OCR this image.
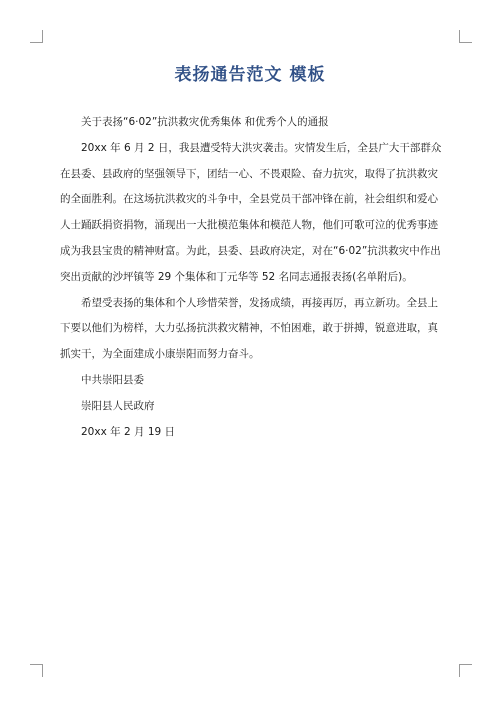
表扬通告范文 模板

关于表扬“6·02”抗洪救灾优秀集体 和优秀个人的通报

20xx 年 6 月 2 日，我县遭受特大洪灾袭击。灾情发生后，全县广大干部群众在县委、县政府的坚强领导下，团结一心、不畏艰险、奋力抗灾，取得了抗洪救灾的全面胜利。在这场抗洪救灾的斗争中，全县党员干部冲锋在前，社会组织和爱心人士踊跃捐资捐物，涌现出一大批模范集体和模范人物，他们可歌可泣的优秀事迹成为我县宝贵的精神财富。为此，县委、县政府决定，对在“6·02”抗洪救灾中作出突出贡献的沙坪镇等 29 个集体和丁元华等 52 名同志通报表扬(名单附后)。

希望受表扬的集体和个人珍惜荣誉，发扬成绩，再接再厉，再立新功。全县上下要以他们为榜样，大力弘扬抗洪救灾精神，不怕困难，敢于拼搏，锐意进取，真抓实干，为全面建成小康崇阳而努力奋斗。

中共崇阳县委

崇阳县人民政府

20xx 年 2 月 19 日
